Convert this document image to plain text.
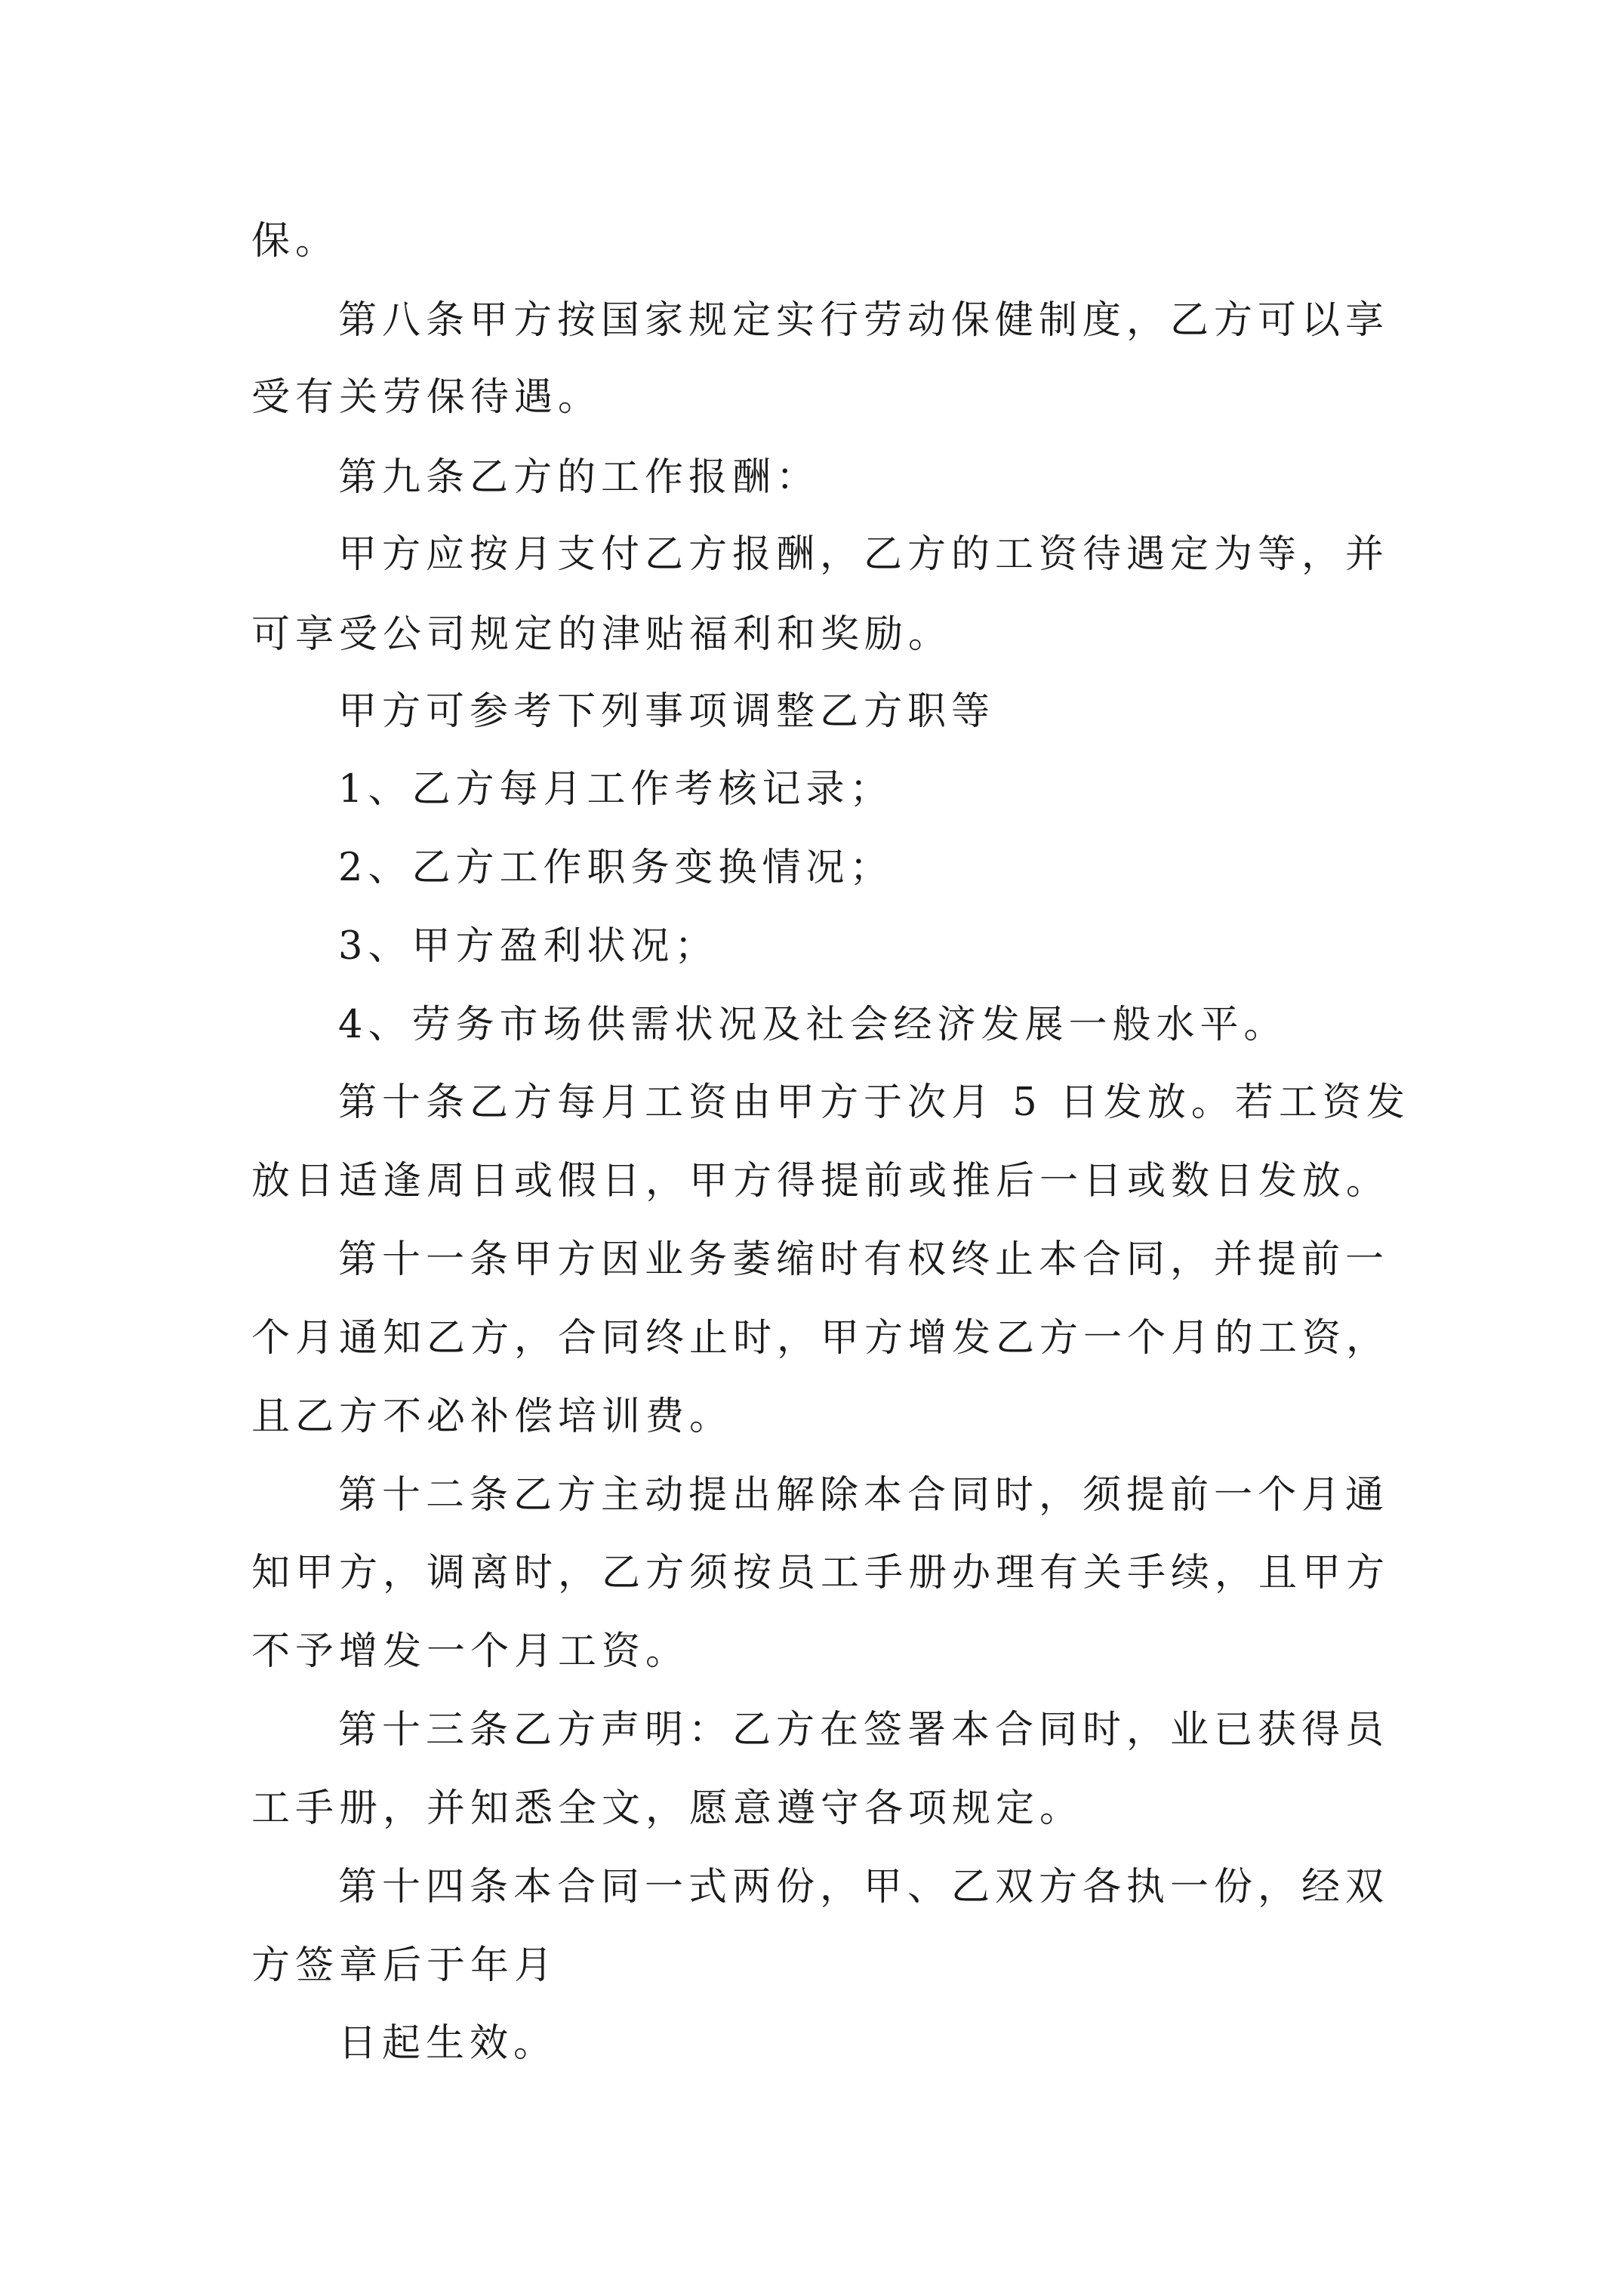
保。
第八条甲方按国家规定实行劳动保健制度，乙方可以享
受有关劳保待遇。
第九条乙方的工作报酬：
甲方应按月支付乙方报酬，乙方的工资待遇定为等，并
可享受公司规定的津贴福利和奖励。
甲方可参考下列事项调整乙方职等
1、乙方每月工作考核记录；
2、乙方工作职务变换情况；
3、甲方盈利状况；
4、劳务市场供需状况及社会经济发展一般水平。
第十条乙方每月工资由甲方于次月 5 日发放。若工资发
放日适逢周日或假日，甲方得提前或推后一日或数日发放。
第十一条甲方因业务萎缩时有权终止本合同，并提前一
个月通知乙方，合同终止时，甲方增发乙方一个月的工资，
且乙方不必补偿培训费。
第十二条乙方主动提出解除本合同时，须提前一个月通
知甲方，调离时，乙方须按员工手册办理有关手续，且甲方
不予增发一个月工资。
第十三条乙方声明：乙方在签署本合同时，业已获得员
工手册，并知悉全文，愿意遵守各项规定。
第十四条本合同一式两份，甲、乙双方各执一份，经双
方签章后于年月
日起生效。
